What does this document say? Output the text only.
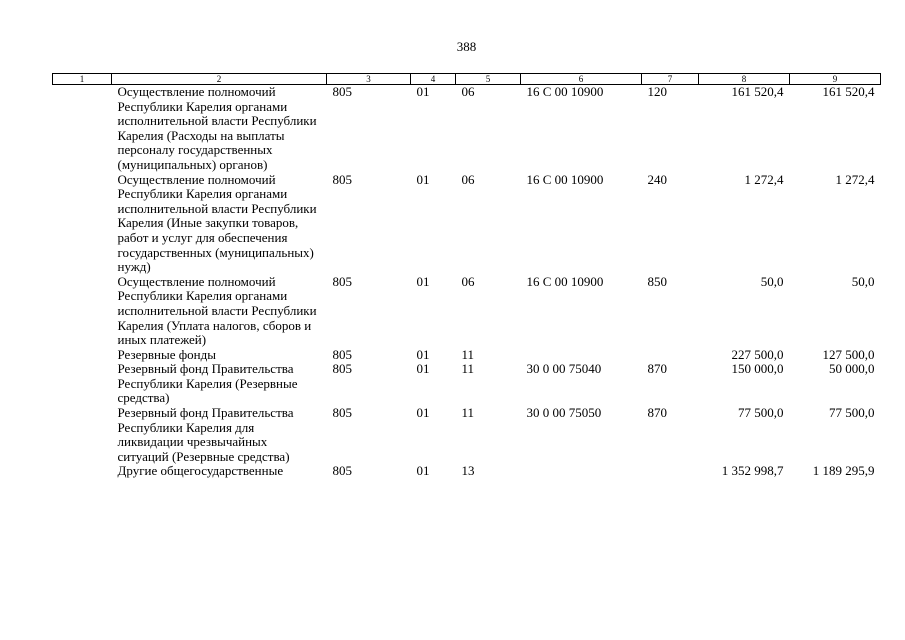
388
1	2	3	4	5	6	7	8	9
	Осуществление полномочий Республики Карелия органами исполнительной власти Республики Карелия (Расходы на выплаты персоналу государственных (муниципальных) органов)	805	01	06	16 С 00 10900	120	161 520,4	161 520,4
	Осуществление полномочий Республики Карелия органами исполнительной власти Республики Карелия (Иные закупки товаров, работ и услуг для обеспечения государственных (муниципальных) нужд)	805	01	06	16 С 00 10900	240	1 272,4	1 272,4
	Осуществление полномочий Республики Карелия органами исполнительной власти Республики Карелия (Уплата налогов, сборов и иных платежей)	805	01	06	16 С 00 10900	850	50,0	50,0
	Резервные фонды	805	01	11			227 500,0	127 500,0
	Резервный фонд Правительства Республики Карелия (Резервные средства)	805	01	11	30 0 00 75040	870	150 000,0	50 000,0
	Резервный фонд Правительства Республики Карелия для ликвидации чрезвычайных ситуаций (Резервные средства)	805	01	11	30 0 00 75050	870	77 500,0	77 500,0
	Другие общегосударственные	805	01	13			1 352 998,7	1 189 295,9
